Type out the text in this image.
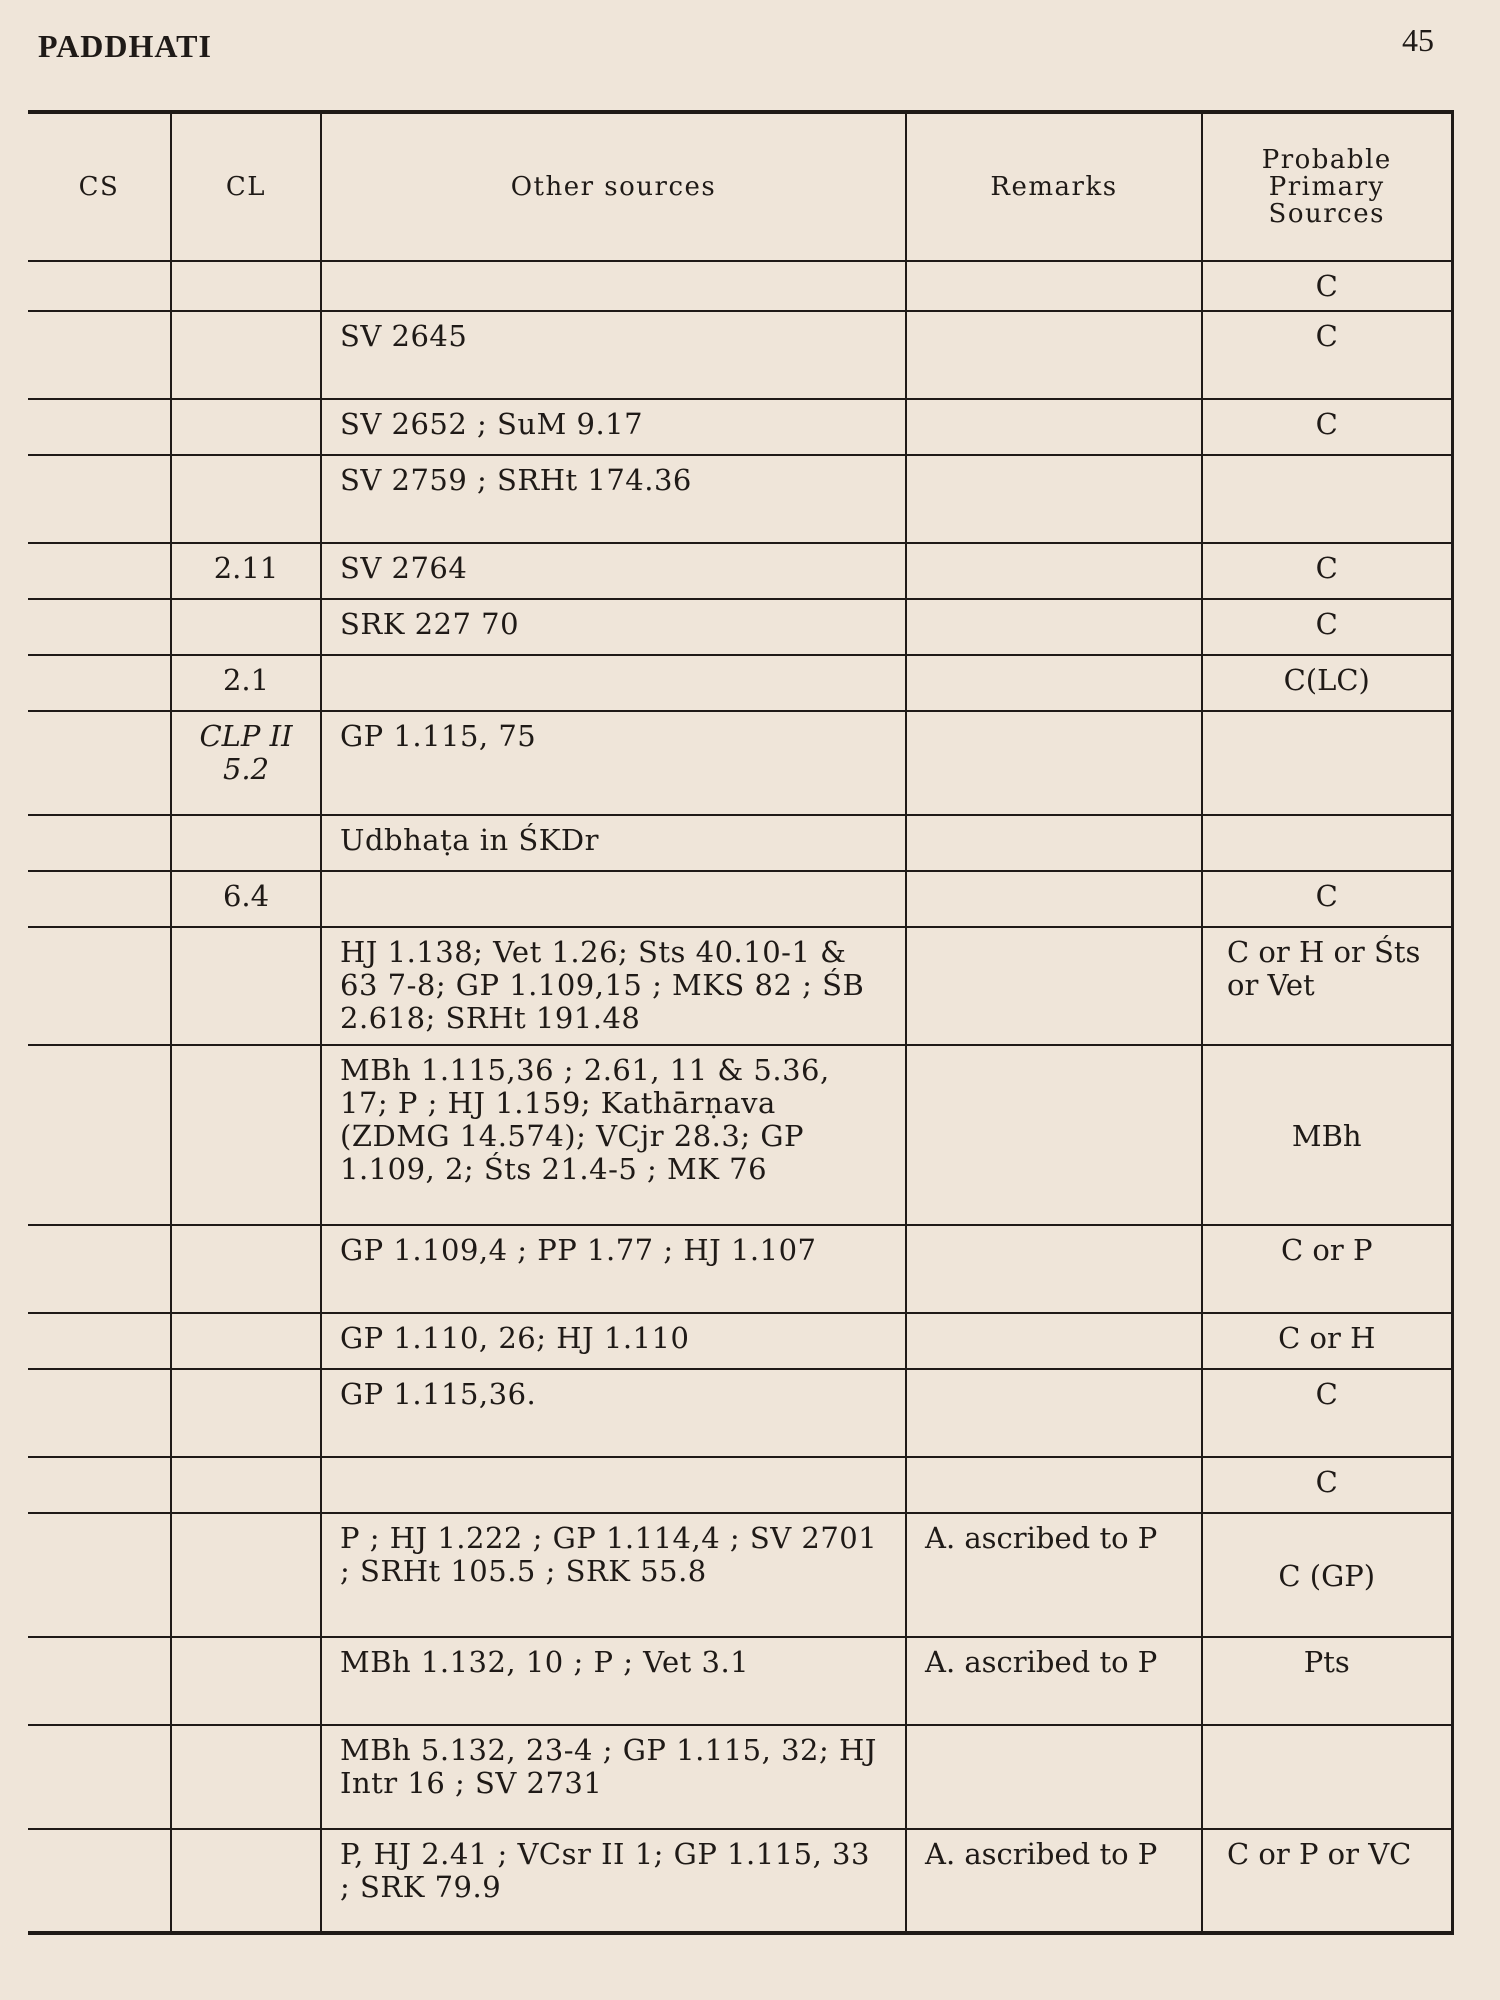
PADDHATI	45
CS	CL	Other sources	Remarks	Probable Primary Sources
				C
		SV 2645		C
		SV 2652 ; SuM 9.17		C
		SV 2759 ; SRHt 174.36		
	2.11	SV 2764		C
		SRK 227 70		C
	2.1			C(LC)
	CLP II 5.2	GP 1.115, 75		
		Udbhaṭa in ŚKDr		
	6.4			C
		HJ 1.138; Vet 1.26; Sts 40.10-1 & 63 7-8; GP 1.109,15 ; MKS 82 ; ŚB 2.618; SRHt 191.48		C or H or Śts or Vet
		MBh 1.115,36 ; 2.61, 11 & 5.36, 17; P ; HJ 1.159; Kathārṇava (ZDMG 14.574); VCjr 28.3; GP 1.109, 2; Śts 21.4-5 ; MK 76		MBh
		GP 1.109,4 ; PP 1.77 ; HJ 1.107		C or P
		GP 1.110, 26; HJ 1.110		C or H
		GP 1.115,36.		C
				C
		P ; HJ 1.222 ; GP 1.114,4 ; SV 2701 ; SRHt 105.5 ; SRK 55.8	A. ascribed to P	C (GP)
		MBh 1.132, 10 ; P ; Vet 3.1	A. ascribed to P	Pts
		MBh 5.132, 23-4 ; GP 1.115, 32; HJ Intr 16 ; SV 2731		
		P, HJ 2.41 ; VCsr II 1; GP 1.115, 33 ; SRK 79.9	A. ascribed to P	C or P or VC
